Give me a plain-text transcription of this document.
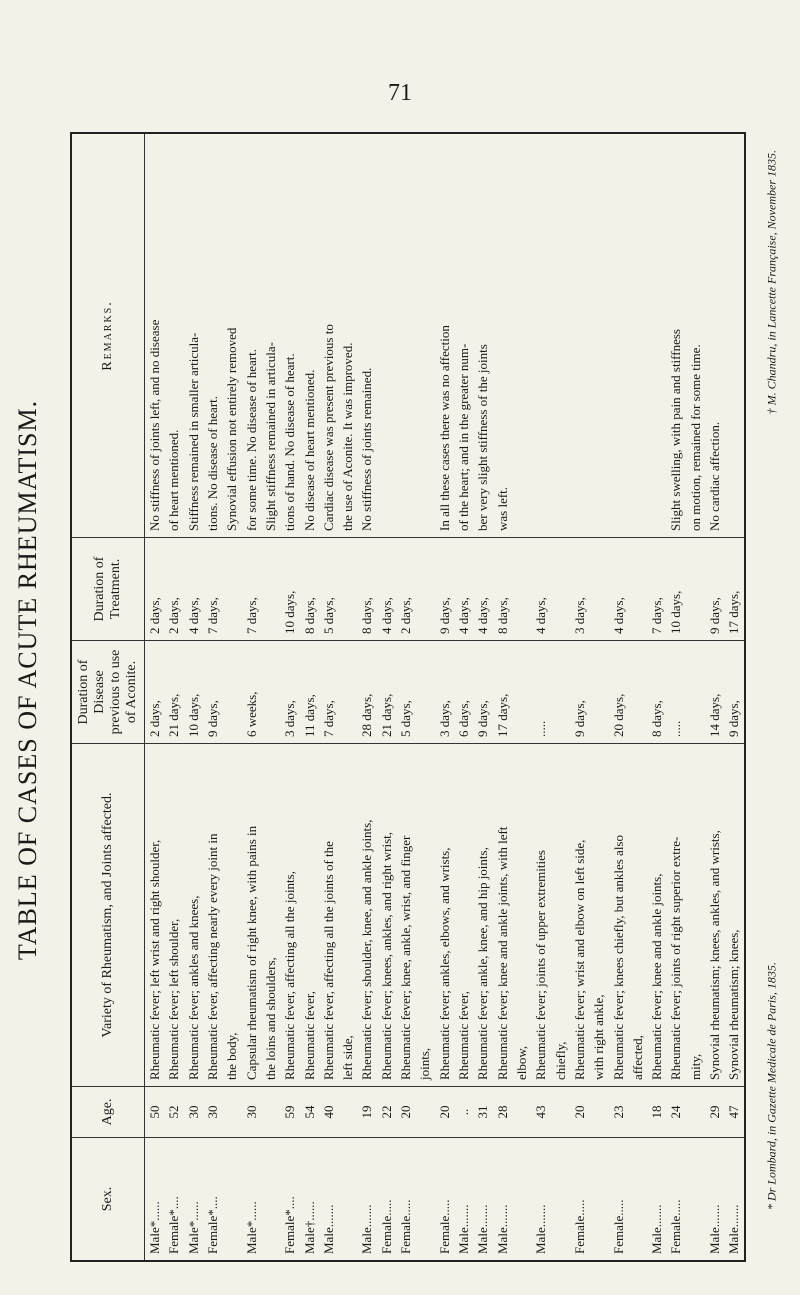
71
TABLE OF CASES OF ACUTE RHEUMATISM.
Sex.	Age.	Variety of Rheumatism, and Joints affected.	Duration of Disease previous to use of Aconite.	Duration of Treatment.	Remarks.
Male*......	50	Rheumatic fever; left wrist and right shoulder,	2 days,	2 days,	No stiffness of joints left, and no disease
Female*....	52	Rheumatic fever; left shoulder,	21 days,	2 days,	of heart mentioned.
Male*......	30	Rheumatic fever; ankles and knees,	10 days,	4 days,	Stiffness remained in smaller articula-
Female*....	30	Rheumatic fever, affecting nearly every joint in	9 days,	7 days,	tions. No disease of heart.
		the body,			Synovial effusion not entirely removed
Male*......	30	Capsular rheumatism of right knee, with pains in	6 weeks,	7 days,	for some time. No disease of heart.
		the loins and shoulders,			Slight stiffness remained in articula-
Female*....	59	Rheumatic fever, affecting all the joints,	3 days,	10 days,	tions of hand. No disease of heart.
Male†......	54	Rheumatic fever,	11 days,	8 days,	No disease of heart mentioned.
Male.......	40	Rheumatic fever, affecting all the joints of the	7 days,	5 days,	Cardiac disease was present previous to
		left side,			the use of Aconite. It was improved.
Male.......	19	Rheumatic fever; shoulder, knee, and ankle joints,	28 days,	8 days,	No stiffness of joints remained.
Female.....	22	Rheumatic fever; knees, ankles, and right wrist,	21 days,	4 days,	
Female.....	20	Rheumatic fever; knee, ankle, wrist, and finger	5 days,	2 days,	
		joints,			
Female.....	20	Rheumatic fever; ankles, elbows, and wrists,	3 days,	9 days,	In all these cases there was no affection
Male.......	..	Rheumatic fever,	6 days,	4 days,	of the heart; and in the greater num-
Male.......	31	Rheumatic fever; ankle, knee, and hip joints,	9 days,	4 days,	ber very slight stiffness of the joints
Male.......	28	Rheumatic fever; knee and ankle joints, with left	17 days,	8 days,	was left.
		elbow,			
Male.......	43	Rheumatic fever; joints of upper extremities	.....	4 days,	
		chiefly,			
Female.....	20	Rheumatic fever; wrist and elbow on left side,	9 days,	3 days,	
		with right ankle,			
Female.....	23	Rheumatic fever; knees chiefly, but ankles also	20 days,	4 days,	
		affected,			
Male.......	18	Rheumatic fever; knee and ankle joints,	8 days,	7 days,	
Female.....	24	Rheumatic fever; joints of right superior extre-	.....	10 days,	Slight swelling, with pain and stiffness
		mity,			on motion, remained for some time.
Male.......	29	Synovial rheumatism; knees, ankles, and wrists,	14 days,	9 days,	No cardiac affection.
Male.......	47	Synovial rheumatism; knees,	9 days,	17 days,	
* Dr Lombard, in Gazette Medicale de Paris, 1835.
† M. Chandru, in Lancette Française, November 1835.
